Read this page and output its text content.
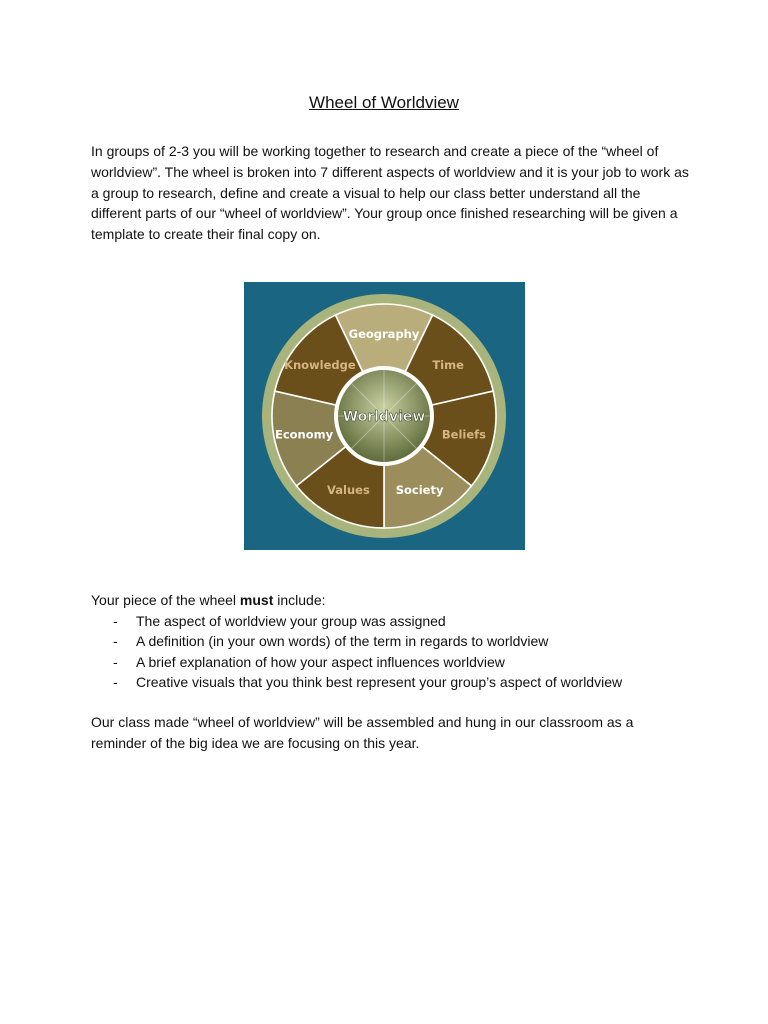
Wheel of Worldview
In groups of 2-3 you will be working together to research and create a piece of the “wheel of worldview”. The wheel is broken into 7 different aspects of worldview and it is your job to work as a group to research, define and create a visual to help our class better understand all the different parts of our “wheel of worldview”. Your group once finished researching will be given a template to create their final copy on.
Geography
Time
Beliefs
Society
Values
Economy
Knowledge
Worldview
Your piece of the wheel must include:
- The aspect of worldview your group was assigned
- A definition (in your own words) of the term in regards to worldview
- A brief explanation of how your aspect influences worldview
- Creative visuals that you think best represent your group’s aspect of worldview
Our class made “wheel of worldview” will be assembled and hung in our classroom as a reminder of the big idea we are focusing on this year.
